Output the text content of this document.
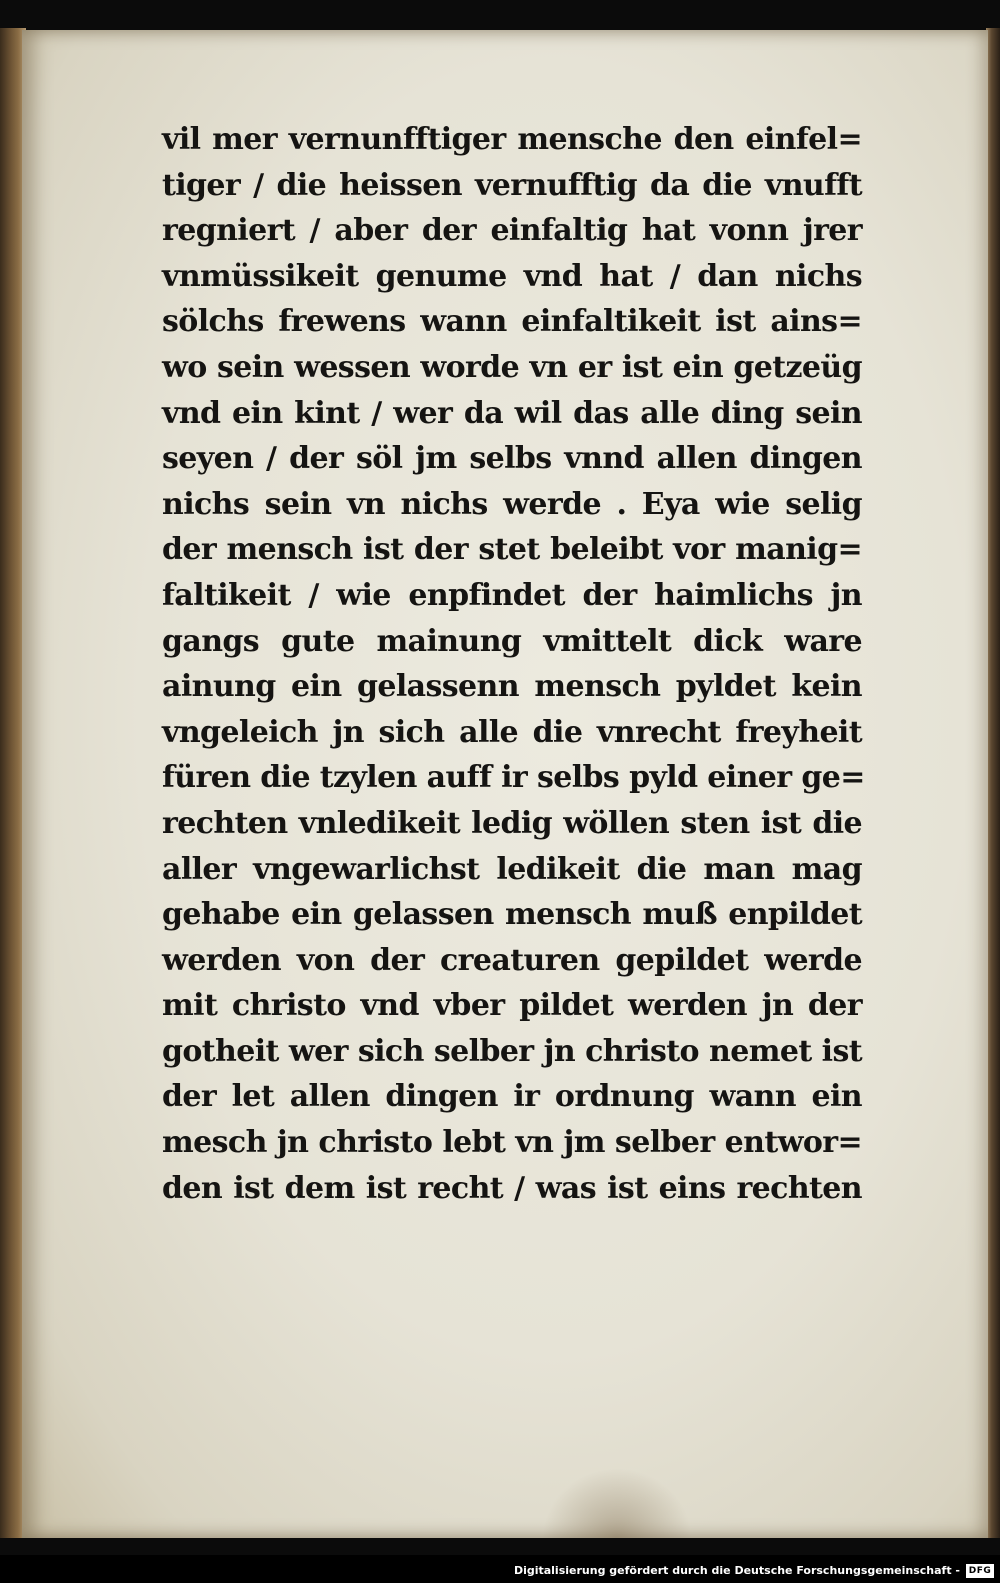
vil mer vernunfftiger mensche den einfel=
tiger / die heissen vernufftig da die vnufft
regniert / aber der einfaltig hat vonn jrer
vnmüssikeit genume vnd hat / dan nichs
sölchs frewens wann einfaltikeit ist ains=
wo sein wessen worde vn er ist ein getzeüg
vnd ein kint / wer da wil das alle ding sein
seyen / der söl jm selbs vnnd allen dingen
nichs sein vn nichs werde . Eya wie selig
der mensch ist der stet beleibt vor manig=
faltikeit / wie enpfindet der haimlichs jn
gangs gute mainung vmittelt dick ware
ainung ein gelassenn mensch pyldet kein
vngeleich jn sich alle die vnrecht freyheit
füren die tzylen auff ir selbs pyld einer ge=
rechten vnledikeit ledig wöllen sten ist die
aller vngewarlichst ledikeit die man mag
gehabe ein gelassen mensch muß enpildet
werden von der creaturen gepildet werde
mit christo vnd vber pildet werden jn der
gotheit wer sich selber jn christo nemet ist
der let allen dingen ir ordnung wann ein
mesch jn christo lebt vn jm selber entwor=
den ist dem ist recht / was ist eins rechten
Digitalisierung gefördert durch die Deutsche Forschungsgemeinschaft - DFG
